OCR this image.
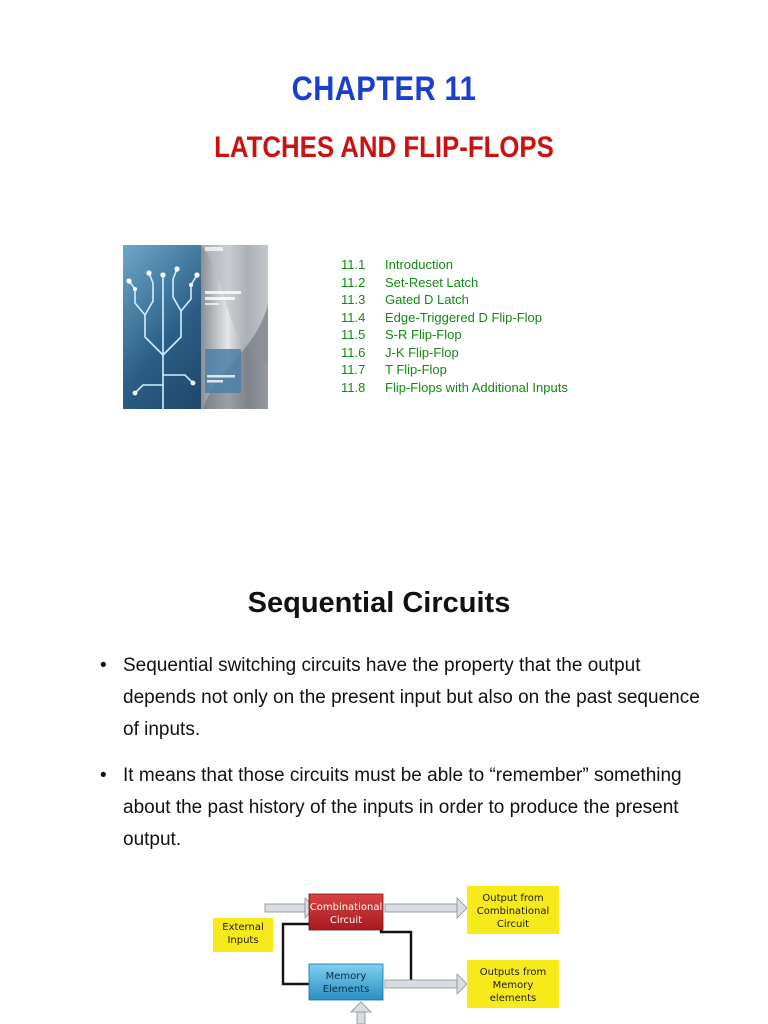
CHAPTER 11
LATCHES AND FLIP-FLOPS
11.1	Introduction
11.2	Set-Reset Latch
11.3	Gated D Latch
11.4	Edge-Triggered D Flip-Flop
11.5	S-R Flip-Flop
11.6	J-K Flip-Flop
11.7	T Flip-Flop
11.8	Flip-Flops with Additional Inputs
Sequential Circuits
• Sequential switching circuits have the property that the output depends not only on the present input but also on the past sequence of inputs.
• It means that those circuits must be able to “remember” something about the past history of the inputs in order to produce the present output.
Combinational
Circuit
External
Inputs
Output from
Combinational
Circuit
Memory
Elements
Outputs from
Memory
elements
